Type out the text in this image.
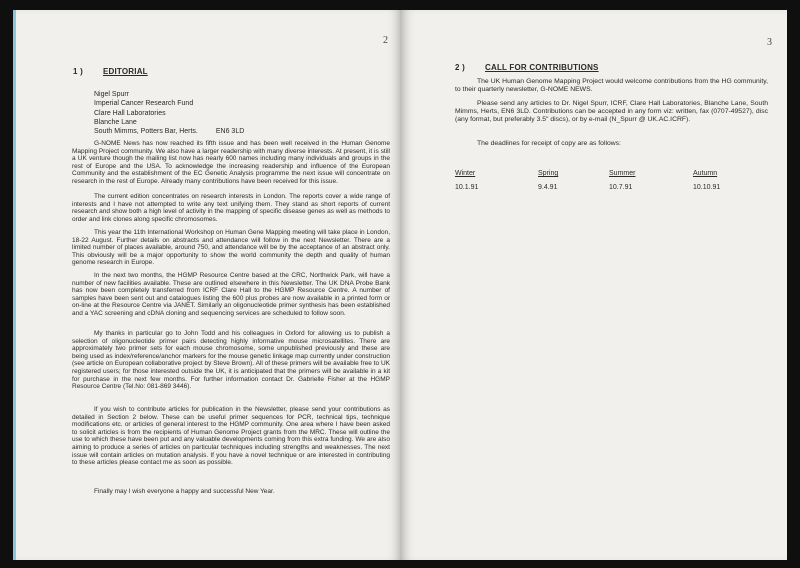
2
1 )	EDITORIAL
Nigel Spurr
Imperial Cancer Research Fund
Clare Hall Laboratories
Blanche Lane
South Mimms, Potters Bar, Herts.	EN6 3LD

G-NOME News has now reached its fifth issue and has been well received in the Human Genome Mapping Project community. We also have a larger readership with many diverse interests. At present, it is still a UK venture though the mailing list now has nearly 600 names including many individuals and groups in the rest of Europe and the USA. To acknowledge the increasing readership and influence of the European Community and the establishment of the EC Genetic Analysis programme the next issue will concentrate on research in the rest of Europe. Already many contributions have been received for this issue.

The current edition concentrates on research interests in London. The reports cover a wide range of interests and I have not attempted to write any text unifying them. They stand as short reports of current research and show both a high level of activity in the mapping of specific disease genes as well as methods to order and link clones along specific chromosomes.

This year the 11th International Workshop on Human Gene Mapping meeting will take place in London, 18-22 August. Further details on abstracts and attendance will follow in the next Newsletter. There are a limited number of places available, around 750, and attendance will be by the acceptance of an abstract only. This obviously will be a major opportunity to show the world community the depth and quality of human genome research in Europe.

In the next two months, the HGMP Resource Centre based at the CRC, Northwick Park, will have a number of new facilities available. These are outlined elsewhere in this Newsletter. The UK DNA Probe Bank has now been completely transferred from ICRF Clare Hall to the HGMP Resource Centre. A number of samples have been sent out and catalogues listing the 600 plus probes are now available in a printed form or on-line at the Resource Centre via JANET. Similarly an oligonucleotide primer synthesis has been established and a YAC screening and cDNA cloning and sequencing services are scheduled to follow soon.

My thanks in particular go to John Todd and his colleagues in Oxford for allowing us to publish a selection of oligonucleotide primer pairs detecting highly informative mouse microsatellites. There are approximately two primer sets for each mouse chromosome, some unpublished previously and these are being used as index/reference/anchor markers for the mouse genetic linkage map currently under construction (see article on European collaborative project by Steve Brown). All of these primers will be available free to UK registered users; for those interested outside the UK, it is anticipated that the primers will be available in a kit for purchase in the next few months. For further information contact Dr. Gabrielle Fisher at the HGMP Resource Centre (Tel.No: 081-869 3446).

If you wish to contribute articles for publication in the Newsletter, please send your contributions as detailed in Section 2 below. These can be useful primer sequences for PCR, technical tips, technique modifications etc. or articles of general interest to the HGMP community. One area where I have been asked to solicit articles is from the recipients of Human Genome Project grants from the MRC. These will outline the use to which these have been put and any valuable developments coming from this extra funding. We are also aiming to produce a series of articles on particular techniques including strengths and weaknesses. The next issue will contain articles on mutation analysis. If you have a novel technique or are interested in contributing to these articles please contact me as soon as possible.

Finally may I wish everyone a happy and successful New Year.

3
2 )	CALL FOR CONTRIBUTIONS

The UK Human Genome Mapping Project would welcome contributions from the HG community, to their quarterly newsletter, G-NOME NEWS.

Please send any articles to Dr. Nigel Spurr, ICRF, Clare Hall Laboratories, Blanche Lane, South Mimms, Herts, EN6 3LD. Contributions can be accepted in any form viz: written, fax (0707-49527), disc (any format, but preferably 3.5" discs), or by e-mail (N_Spurr @ UK.AC.ICRF).

The deadlines for receipt of copy are as follows:
Winter	Spring	Summer	Autumn
10.1.91	9.4.91	10.7.91	10.10.91
